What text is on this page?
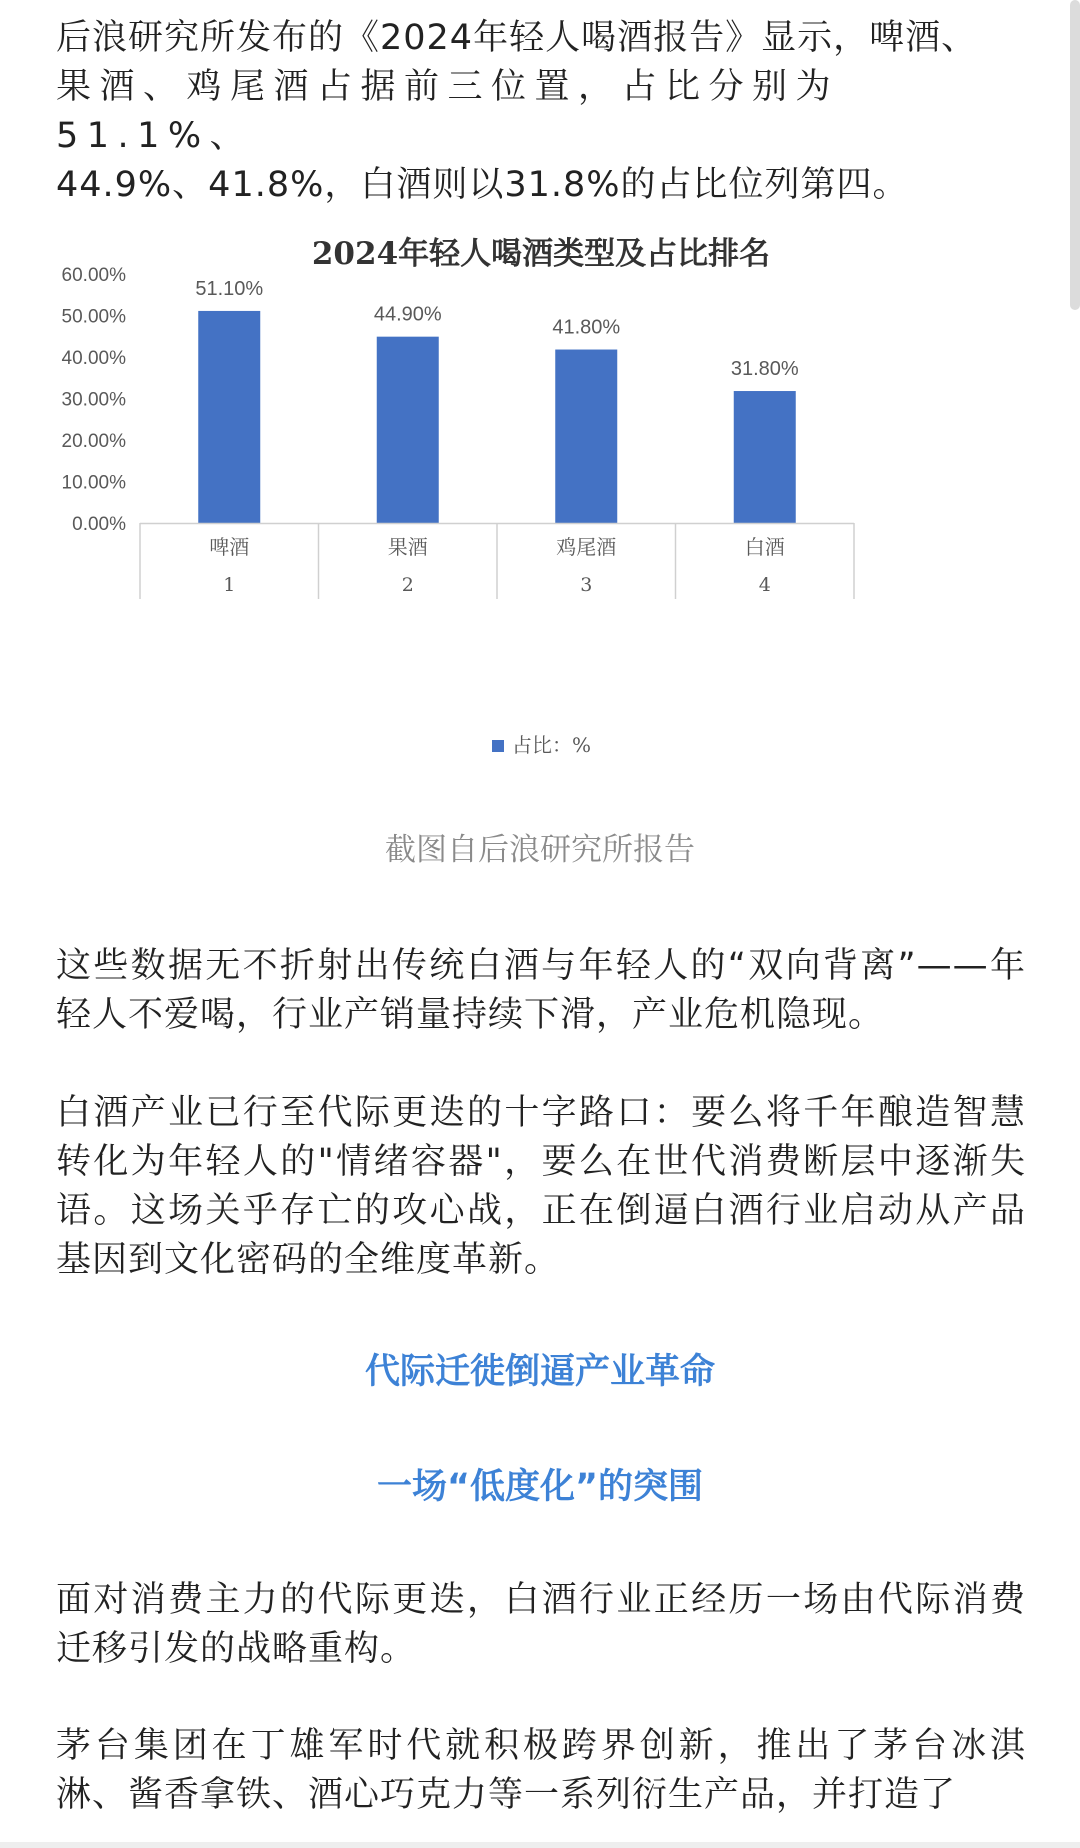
后浪研究所发布的《2024年轻人喝酒报告》显示，啤酒、
果酒、鸡尾酒占据前三位置，占比分别为51.1%、
44.9%、41.8%，白酒则以31.8%的占比位列第四。

2024年轻人喝酒类型及占比排名
0.00%
10.00%
20.00%
30.00%
40.00%
50.00%
60.00%
51.10%
44.90%
41.80%
31.80%
啤酒
1
果酒
2
鸡尾酒
3
白酒
4
占比：%
截图自后浪研究所报告

这些数据无不折射出传统白酒与年轻人的“双向背离”——年轻人不爱喝，行业产销量持续下滑，产业危机隐现。

白酒产业已行至代际更迭的十字路口：要么将千年酿造智慧转化为年轻人的"情绪容器"，要么在世代消费断层中逐渐失语。这场关乎存亡的攻心战，正在倒逼白酒行业启动从产品基因到文化密码的全维度革新。

代际迁徙倒逼产业革命
一场“低度化”的突围

面对消费主力的代际更迭，白酒行业正经历一场由代际消费迁移引发的战略重构。

茅台集团在丁雄军时代就积极跨界创新，推出了茅台冰淇淋、酱香拿铁、酒心巧克力等一系列衍生产品，并打造了
